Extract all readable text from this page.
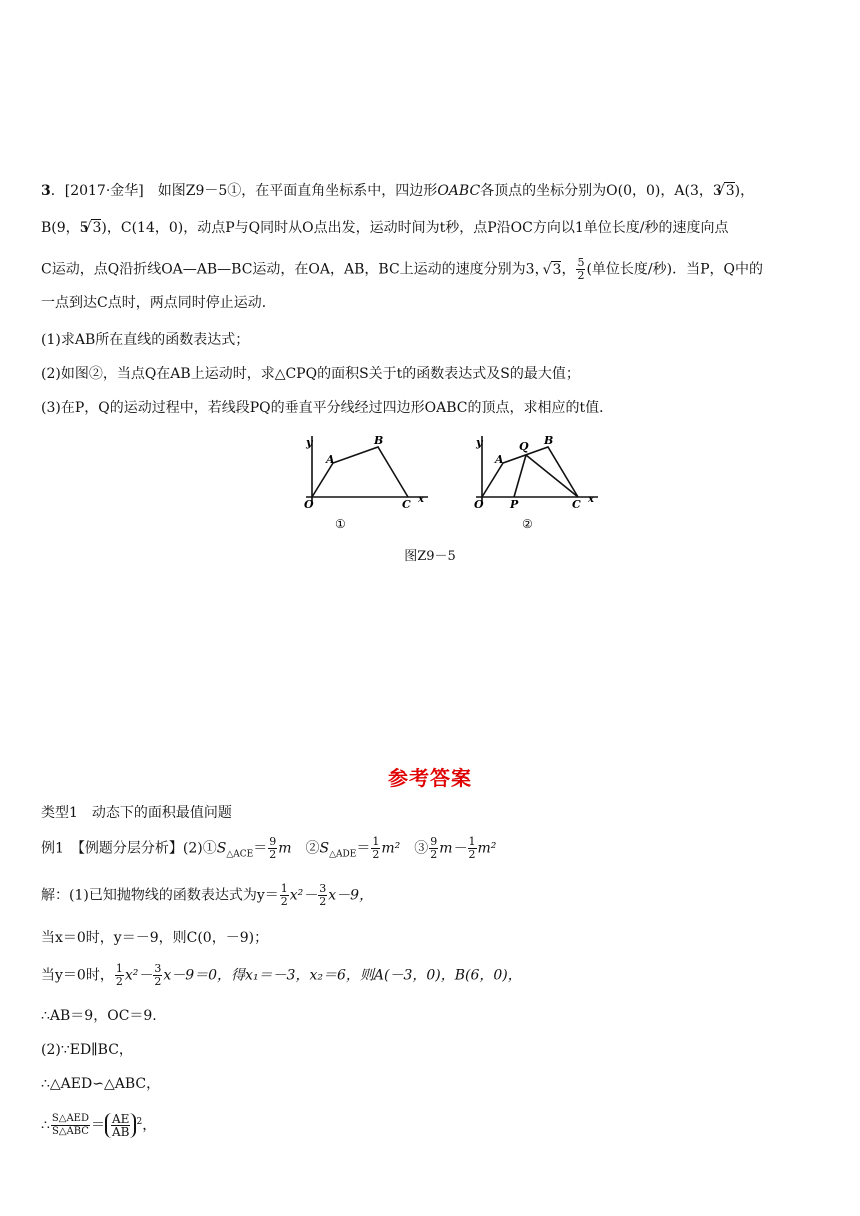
3．[2017·金华]　 如图Z9－5①，在平面直角坐标系中，四边形OABC各顶点的坐标分别为O(0，0)，A(3，3 √ 3)，
B(9，5 √ 3)，C(14，0)，动点P与Q同时从O点出发，运动时间为t秒，点P沿OC方向以1单位长度/秒的速度向点
C运动，点Q沿折线OA—AB—BC运动，在OA，AB，BC上运动的速度分别为3， √ 3， $\frac{5}{2}$ (单位长度/秒)．当P，Q中的
一点到达C点时，两点同时停止运动．
(1)求AB所在直线的函数表达式；
(2)如图②，当点Q在AB上运动时，求△CPQ的面积S关于t的函数表达式及S的最大值；
(3)在P，Q的运动过程中，若线段PQ的垂直平分线经过四边形OABC的顶点，求相应的t值．
y
A
B
O	C x
①
y
A
Q B
O P	C x
②
图Z9－5
参考答案
类型1　动态下的面积最值问题
例1　【例题分层分析】$(2)①S_{\triangle ACE}= \frac{9}{2}$ m　 $②S_{\triangle ADE}= \frac{1}{2} m^2$　 ③ $\frac{9}{2} m- \frac{1}{2} m^2$
解：(1)已知抛物线的函数表达式为$y= \frac{1}{2} x^2- \frac{3}{2} x-9$，
当x＝0时，y＝－9，则C(0，－9)；
当y＝0时， $\frac{1}{2} x^2- \frac{3}{2} x-9=0$，得x₁＝－3，x₂＝6，则A(－3，0)，B(6，0)，
∴AB＝9，OC＝9.
(2)∵ED∥BC，
∴△AED∽△ABC，
∴ $\frac{\text{S△AED}}{\text{S△ABC}} = \frac{AE}{AB} ^2$，
